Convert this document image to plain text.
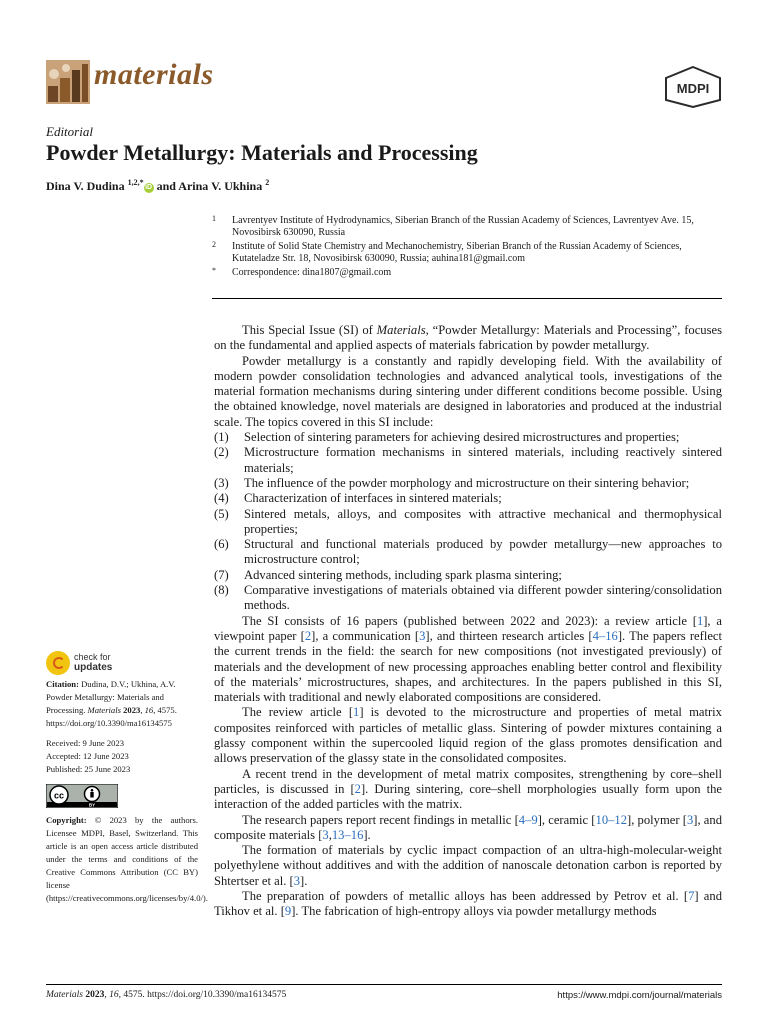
materials	MDPI
Editorial
Powder Metallurgy: Materials and Processing
Dina V. Dudina $^{1,2,*}$iD and Arina V. Ukhina $^2$
1 Lavrentyev Institute of Hydrodynamics, Siberian Branch of the Russian Academy of Sciences, Lavrentyev Ave. 15, Novosibirsk 630090, Russia
2 Institute of Solid State Chemistry and Mechanochemistry, Siberian Branch of the Russian Academy of Sciences, Kutateladze Str. 18, Novosibirsk 630090, Russia; auhina181@gmail.com
* Correspondence: dina1807@gmail.com

This Special Issue (SI) of Materials, “Powder Metallurgy: Materials and Processing”, focuses on the fundamental and applied aspects of materials fabrication by powder metallurgy.

Powder metallurgy is a constantly and rapidly developing field. With the availability of modern powder consolidation technologies and advanced analytical tools, investigations of the material formation mechanisms during sintering under different conditions become possible. Using the obtained knowledge, novel materials are designed in laboratories and produced at the industrial scale. The topics covered in this SI include:

(1) Selection of sintering parameters for achieving desired microstructures and properties;
(2) Microstructure formation mechanisms in sintered materials, including reactively sintered materials;
(3) The influence of the powder morphology and microstructure on their sintering behavior;
(4) Characterization of interfaces in sintered materials;
(5) Sintered metals, alloys, and composites with attractive mechanical and thermophysical properties;
(6) Structural and functional materials produced by powder metallurgy—new approaches to microstructure control;
(7) Advanced sintering methods, including spark plasma sintering;
(8) Comparative investigations of materials obtained via different powder sintering/consolidation methods.

The SI consists of 16 papers (published between 2022 and 2023): a review article [1], a viewpoint paper [2], a communication [3], and thirteen research articles [4–16]. The papers reflect the current trends in the field: the search for new compositions (not investigated previously) of materials and the development of new processing approaches enabling better control and flexibility of the materials’ microstructures, shapes, and architectures. In the papers published in this SI, materials with traditional and newly elaborated compositions are considered.

The review article [1] is devoted to the microstructure and properties of metal matrix composites reinforced with particles of metallic glass. Sintering of powder mixtures containing a glassy component within the supercooled liquid region of the glass promotes densification and allows preservation of the glassy state in the consolidated composites.

A recent trend in the development of metal matrix composites, strengthening by core–shell particles, is discussed in [2]. During sintering, core–shell morphologies usually form upon the interaction of the added particles with the matrix.

The research papers report recent findings in metallic [4–9], ceramic [10–12], polymer [3], and composite materials [3,13–16].

The formation of materials by cyclic impact compaction of an ultra-high-molecular-weight polyethylene without additives and with the addition of nanoscale detonation carbon is reported by Shtertser et al. [3].

The preparation of powders of metallic alloys has been addressed by Petrov et al. [7] and Tikhov et al. [9]. The fabrication of high-entropy alloys via powder metallurgy methods

check for
updates

Citation: Dudina, D.V.; Ukhina, A.V. Powder Metallurgy: Materials and Processing. Materials 2023, 16, 4575. https://doi.org/10.3390/ma16134575

Received: 9 June 2023

Accepted: 12 June 2023

Published: 25 June 2023

cc
BY

Copyright: © 2023 by the authors. Licensee MDPI, Basel, Switzerland. This article is an open access article distributed under the terms and conditions of the Creative Commons Attribution (CC BY) license (https://creativecommons.org/licenses/by/4.0/).

Materials 2023, 16, 4575. https://doi.org/10.3390/ma16134575	https://www.mdpi.com/journal/materials
